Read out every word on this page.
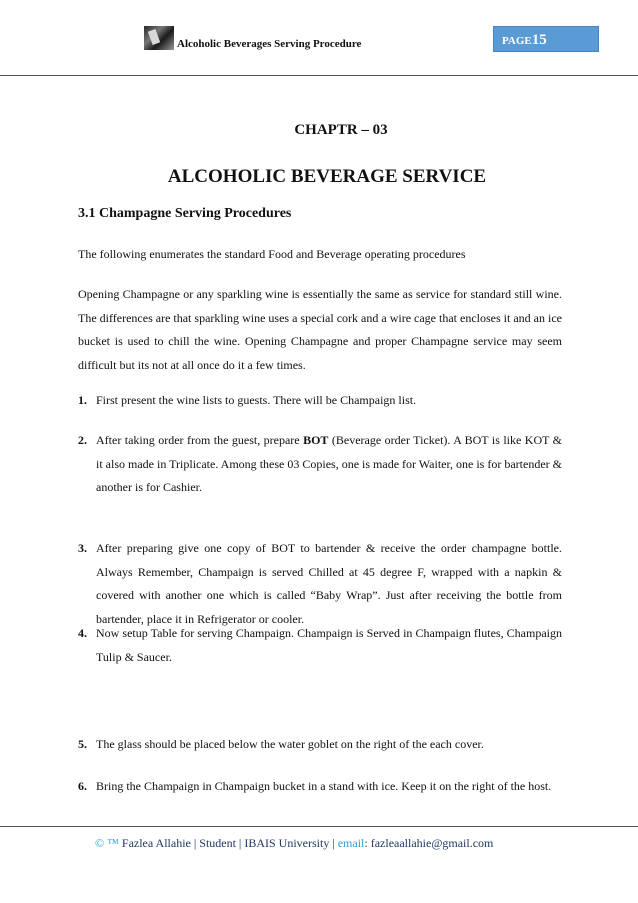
Alcoholic Beverages Serving Procedure	PAGE15
CHAPTR – 03
ALCOHOLIC BEVERAGE SERVICE
3.1 Champagne Serving Procedures

The following enumerates the standard Food and Beverage operating procedures

Opening Champagne or any sparkling wine is essentially the same as service for standard still wine. The differences are that sparkling wine uses a special cork and a wire cage that encloses it and an ice bucket is used to chill the wine. Opening Champagne and proper Champagne service may seem difficult but its not at all once do it a few times.

1. First present the wine lists to guests. There will be Champaign list.
2. After taking order from the guest, prepare BOT (Beverage order Ticket). A BOT is like KOT & it also made in Triplicate. Among these 03 Copies, one is made for Waiter, one is for bartender & another is for Cashier.
3. After preparing give one copy of BOT to bartender & receive the order champagne bottle. Always Remember, Champaign is served Chilled at 45 degree F, wrapped with a napkin & covered with another one which is called “Baby Wrap”. Just after receiving the bottle from bartender, place it in Refrigerator or cooler.
4. Now setup Table for serving Champaign. Champaign is Served in Champaign flutes, Champaign Tulip & Saucer.
5. The glass should be placed below the water goblet on the right of the each cover.
6. Bring the Champaign in Champaign bucket in a stand with ice. Keep it on the right of the host.
© ™ Fazlea Allahie | Student | IBAIS University | email: fazleaallahie@gmail.com
